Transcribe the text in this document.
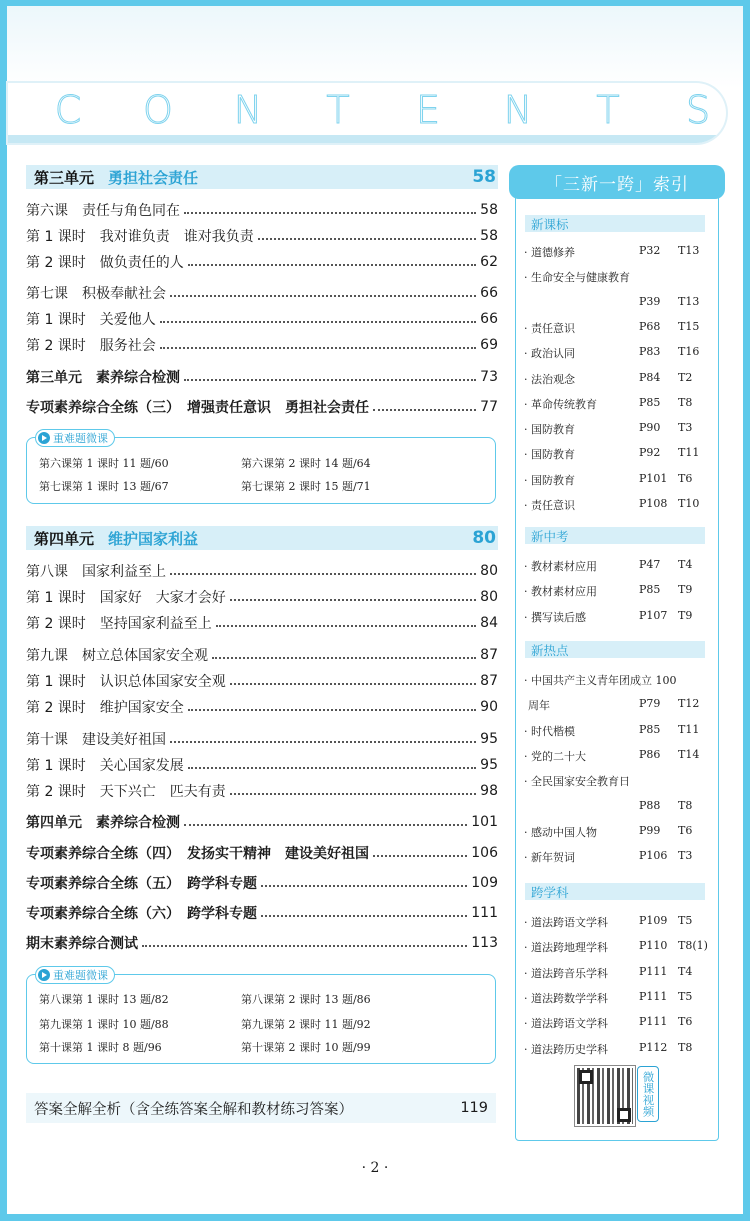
C	O	N	T	E	N	T	S
第三单元 勇担社会责任	58
第六课　责任与角色同在	58
第 1 课时　我对谁负责　谁对我负责	58
第 2 课时　做负责任的人	62
第七课　积极奉献社会	66
第 1 课时　关爱他人	66
第 2 课时　服务社会	69
第三单元　素养综合检测	73
专项素养综合全练（三）　增强责任意识　勇担社会责任	77
重难题微课
第六课第 1 课时 11 题/60	第六课第 2 课时 14 题/64
第七课第 1 课时 13 题/67	第七课第 2 课时 15 题/71
第四单元 维护国家利益	80
第八课　国家利益至上	80
第 1 课时　国家好　大家才会好	80
第 2 课时　坚持国家利益至上	84
第九课　树立总体国家安全观	87
第 1 课时　认识总体国家安全观	87
第 2 课时　维护国家安全	90
第十课　建设美好祖国	95
第 1 课时　关心国家发展	95
第 2 课时　天下兴亡　匹夫有责	98
第四单元　素养综合检测	101
专项素养综合全练（四）　发扬实干精神　建设美好祖国	106
专项素养综合全练（五）　跨学科专题	109
专项素养综合全练（六）　跨学科专题	111
期末素养综合测试	113
重难题微课
第八课第 1 课时 13 题/82	第八课第 2 课时 13 题/86
第九课第 1 课时 10 题/88	第九课第 2 课时 11 题/92
第十课第 1 课时 8 题/96	第十课第 2 课时 10 题/99
答案全解全析（含全练答案全解和教材练习答案）	119
· 2 ·
「三新一跨」索引
新课标
· 道德修养	P32 T13
· 生命安全与健康教育
P39 T13
· 责任意识	P68 T15
· 政治认同	P83 T16
· 法治观念	P84 T2
· 革命传统教育	P85 T8
· 国防教育	P90 T3
· 国防教育	P92 T11
· 国防教育	P101 T6
· 责任意识	P108 T10
新中考
· 教材素材应用	P47 T4
· 教材素材应用	P85 T9
· 撰写读后感	P107 T9
新热点
· 中国共产主义青年团成立 100
周年	P79 T12
· 时代楷模	P85 T11
· 党的二十大	P86 T14
· 全民国家安全教育日
P88 T8
· 感动中国人物	P99 T6
· 新年贺词	P106 T3
跨学科
· 道法跨语文学科	P109 T5
· 道法跨地理学科	P110 T8(1)
· 道法跨音乐学科	P111 T4
· 道法跨数学学科	P111 T5
· 道法跨语文学科	P111 T6
· 道法跨历史学科	P112 T8
微课视频
